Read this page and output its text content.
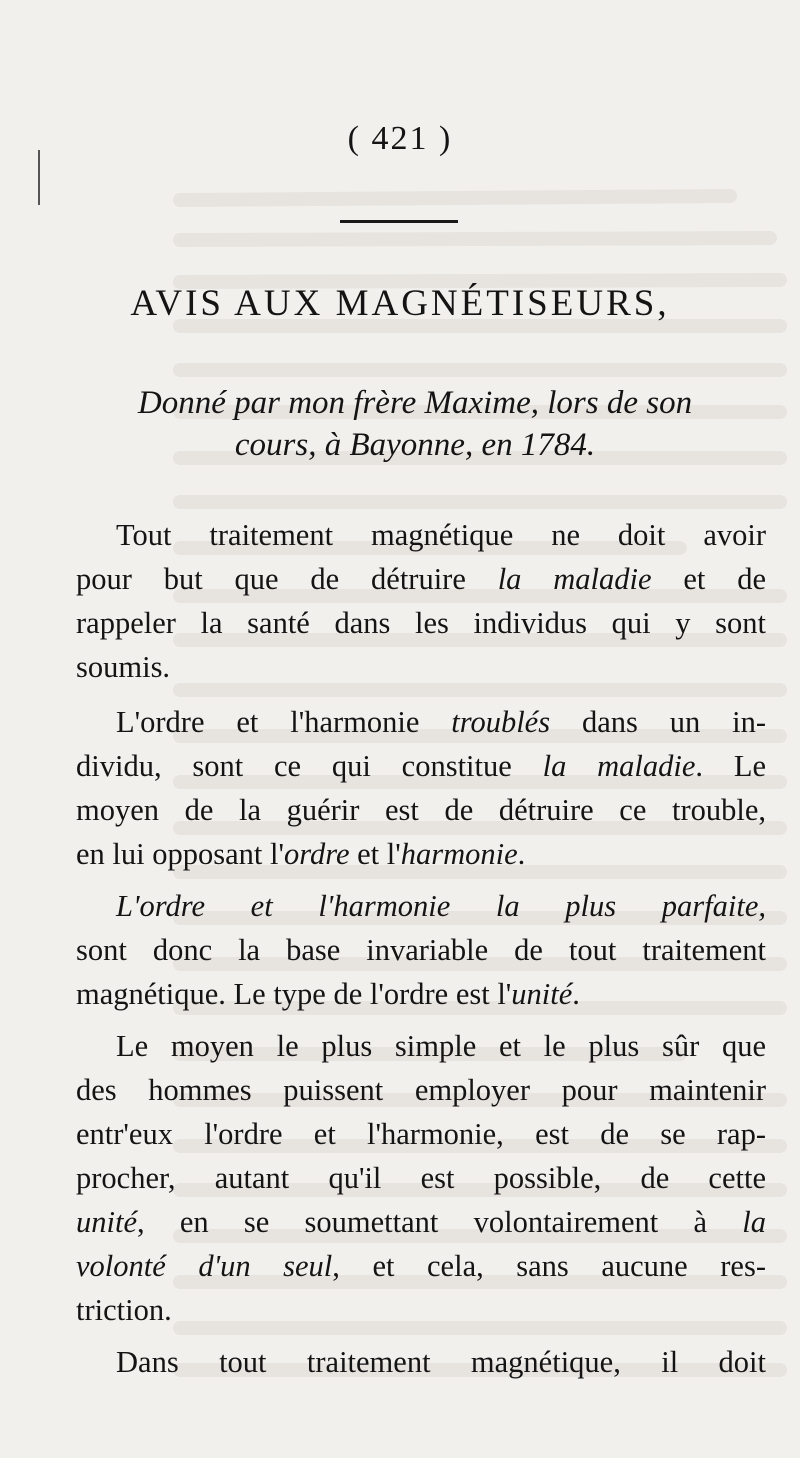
( 421 )
AVIS AUX MAGNÉTISEURS,
Donné par mon frère Maxime, lors de son
cours, à Bayonne, en 1784.
Tout traitement magnétique ne doit avoir
pour but que de détruire la maladie et de
rappeler la santé dans les individus qui y sont
soumis.
L'ordre et l'harmonie troublés dans un in-
dividu, sont ce qui constitue la maladie. Le
moyen de la guérir est de détruire ce trouble,
en lui opposant l'ordre et l'harmonie.
L'ordre et l'harmonie la plus parfaite,
sont donc la base invariable de tout traitement
magnétique. Le type de l'ordre est l'unité.
Le moyen le plus simple et le plus sûr que
des hommes puissent employer pour maintenir
entr'eux l'ordre et l'harmonie, est de se rap-
procher, autant qu'il est possible, de cette
unité, en se soumettant volontairement à la
volonté d'un seul, et cela, sans aucune res-
triction.
Dans tout traitement magnétique, il doit
